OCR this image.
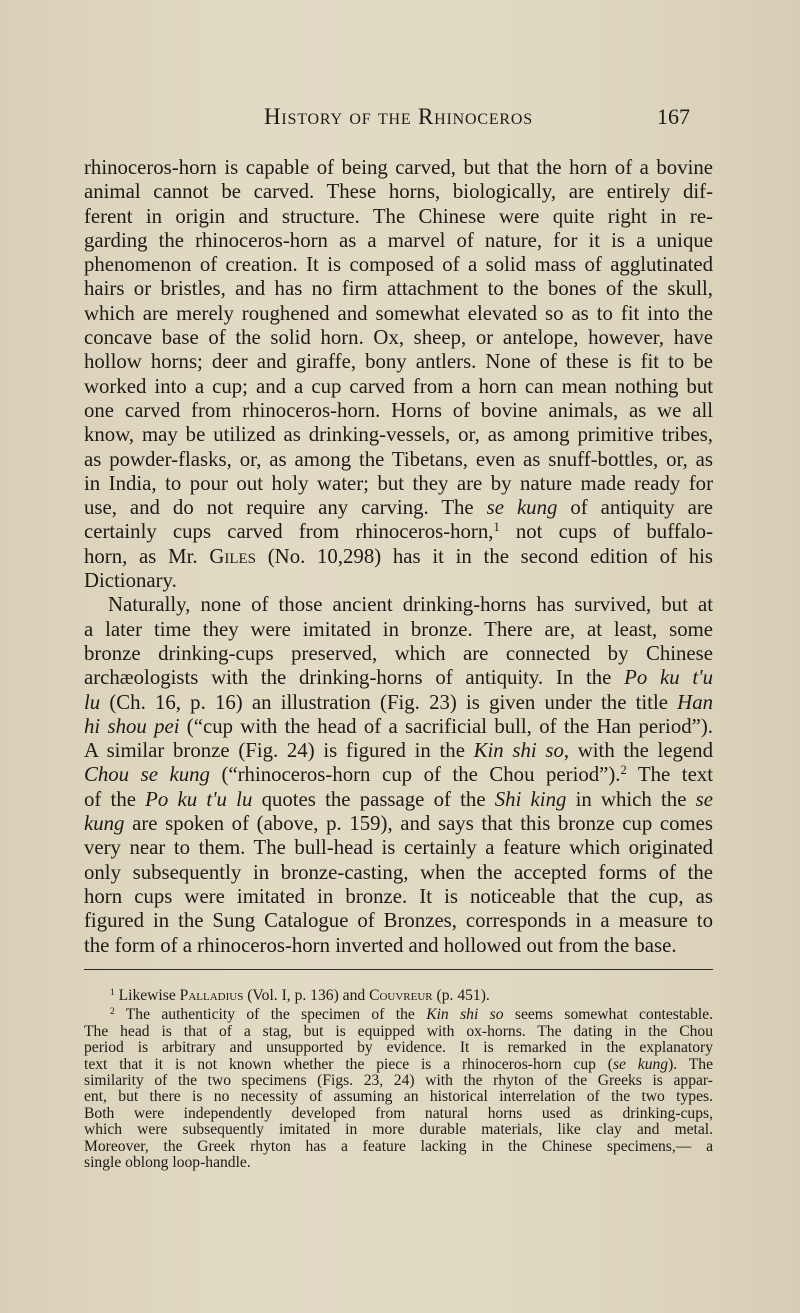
History of the Rhinoceros	167
rhinoceros-horn is capable of being carved, but that the horn of a bovine
animal cannot be carved. These horns, biologically, are entirely dif-
ferent in origin and structure. The Chinese were quite right in re-
garding the rhinoceros-horn as a marvel of nature, for it is a unique
phenomenon of creation. It is composed of a solid mass of agglutinated
hairs or bristles, and has no firm attachment to the bones of the skull,
which are merely roughened and somewhat elevated so as to fit into the
concave base of the solid horn. Ox, sheep, or antelope, however, have
hollow horns; deer and giraffe, bony antlers. None of these is fit to be
worked into a cup; and a cup carved from a horn can mean nothing but
one carved from rhinoceros-horn. Horns of bovine animals, as we all
know, may be utilized as drinking-vessels, or, as among primitive tribes,
as powder-flasks, or, as among the Tibetans, even as snuff-bottles, or, as
in India, to pour out holy water; but they are by nature made ready for
use, and do not require any carving. The se kung of antiquity are
certainly cups carved from rhinoceros-horn,$^1$ not cups of buffalo-
horn, as Mr. Giles (No. 10,298) has it in the second edition of his
Dictionary.
Naturally, none of those ancient drinking-horns has survived, but at
a later time they were imitated in bronze. There are, at least, some
bronze drinking-cups preserved, which are connected by Chinese
archæologists with the drinking-horns of antiquity. In the Po ku t'u
lu (Ch. 16, p. 16) an illustration (Fig. 23) is given under the title Han
hi shou pei (“cup with the head of a sacrificial bull, of the Han period”).
A similar bronze (Fig. 24) is figured in the Kin shi so, with the legend
Chou se kung (“rhinoceros-horn cup of the Chou period”).$^2$ The text
of the Po ku t'u lu quotes the passage of the Shi king in which the se
kung are spoken of (above, p. 159), and says that this bronze cup comes
very near to them. The bull-head is certainly a feature which originated
only subsequently in bronze-casting, when the accepted forms of the
horn cups were imitated in bronze. It is noticeable that the cup, as
figured in the Sung Catalogue of Bronzes, corresponds in a measure to
the form of a rhinoceros-horn inverted and hollowed out from the base.
$^1$ Likewise Palladius (Vol. I, p. 136) and Couvreur (p. 451).
$^2$ The authenticity of the specimen of the Kin shi so seems somewhat contestable.
The head is that of a stag, but is equipped with ox-horns. The dating in the Chou
period is arbitrary and unsupported by evidence. It is remarked in the explanatory
text that it is not known whether the piece is a rhinoceros-horn cup (se kung). The
similarity of the two specimens (Figs. 23, 24) with the rhyton of the Greeks is appar-
ent, but there is no necessity of assuming an historical interrelation of the two types.
Both were independently developed from natural horns used as drinking-cups,
which were subsequently imitated in more durable materials, like clay and metal.
Moreover, the Greek rhyton has a feature lacking in the Chinese specimens,— a
single oblong loop-handle.
